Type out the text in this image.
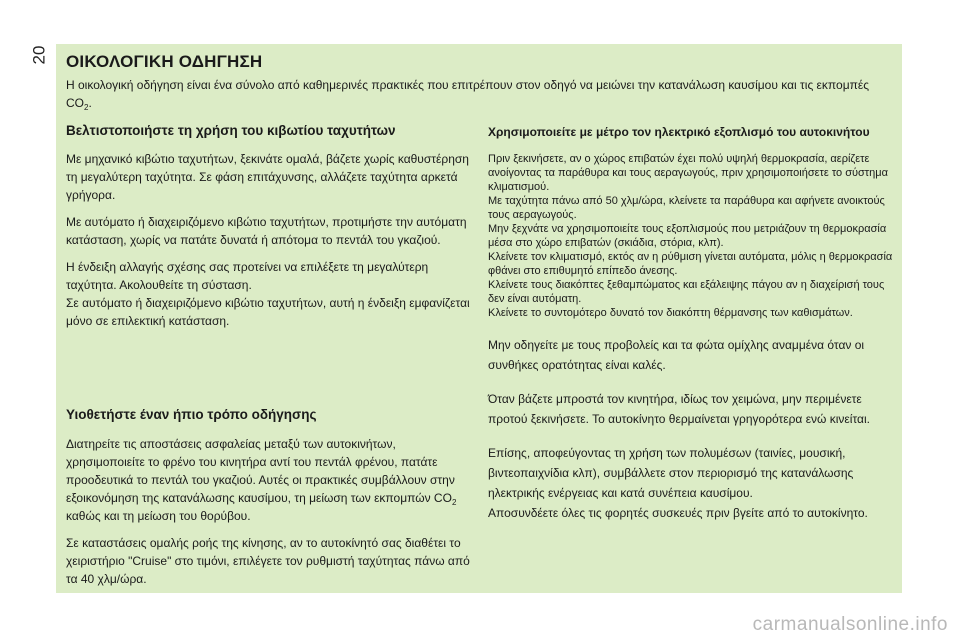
20 ΟΙΚΟΛΟΓΙΚΗ ΟΔΗΓΗΣΗ
Η οικολογική οδήγηση είναι ένα σύνολο από καθημερινές πρακτικές που επιτρέπουν στον οδηγό να μειώνει την κατανάλωση καυσίμου και τις εκπομπές $CO_2$.
Βελτιστοποιήστε τη χρήση του κιβωτίου ταχυτήτων

Με μηχανικό κιβώτιο ταχυτήτων, ξεκινάτε ομαλά, βάζετε χωρίς καθυστέρηση τη μεγαλύτερη ταχύτητα. Σε φάση επιτάχυνσης, αλλάζετε ταχύτητα αρκετά γρήγορα.

Με αυτόματο ή διαχειριζόμενο κιβώτιο ταχυτήτων, προτιμήστε την αυτόματη κατάσταση, χωρίς να πατάτε δυνατά ή απότομα το πεντάλ του γκαζιού.

Η ένδειξη αλλαγής σχέσης σας προτείνει να επιλέξετε τη μεγαλύτερη ταχύτητα. Ακολουθείτε τη σύσταση.
Σε αυτόματο ή διαχειριζόμενο κιβώτιο ταχυτήτων, αυτή η ένδειξη εμφανίζεται μόνο σε επιλεκτική κατάσταση.
Υιοθετήστε έναν ήπιο τρόπο οδήγησης

Διατηρείτε τις αποστάσεις ασφαλείας μεταξύ των αυτοκινήτων, χρησιμοποιείτε το φρένο του κινητήρα αντί του πεντάλ φρένου, πατάτε προοδευτικά το πεντάλ του γκαζιού. Αυτές οι πρακτικές συμβάλλουν στην εξοικονόμηση της κατανάλωσης καυσίμου, τη μείωση των εκπομπών $CO_2$ καθώς και τη μείωση του θορύβου.

Σε καταστάσεις ομαλής ροής της κίνησης, αν το αυτοκίνητό σας διαθέτει το χειριστήριο "Cruise" στο τιμόνι, επιλέγετε τον ρυθμιστή ταχύτητας πάνω από τα 40 χλμ/ώρα.

Χρησιμοποιείτε με μέτρο τον ηλεκτρικό εξοπλισμό του αυτοκινήτου
Πριν ξεκινήσετε, αν ο χώρος επιβατών έχει πολύ υψηλή θερμοκρασία, αερίζετε ανοίγοντας τα παράθυρα και τους αεραγωγούς, πριν χρησιμοποιήσετε το σύστημα κλιματισμού.
Με ταχύτητα πάνω από 50 χλμ/ώρα, κλείνετε τα παράθυρα και αφήνετε ανοικτούς τους αεραγωγούς.
Μην ξεχνάτε να χρησιμοποιείτε τους εξοπλισμούς που μετριάζουν τη θερμοκρασία μέσα στο χώρο επιβατών (σκιάδια, στόρια, κλπ).
Κλείνετε τον κλιματισμό, εκτός αν η ρύθμιση γίνεται αυτόματα, μόλις η θερμοκρασία φθάνει στο επιθυμητό επίπεδο άνεσης.
Κλείνετε τους διακόπτες ξεθαμπώματος και εξάλειψης πάγου αν η διαχείρισή τους δεν είναι αυτόματη.
Κλείνετε το συντομότερο δυνατό τον διακόπτη θέρμανσης των καθισμάτων.

Μην οδηγείτε με τους προβολείς και τα φώτα ομίχλης αναμμένα όταν οι συνθήκες ορατότητας είναι καλές.

Όταν βάζετε μπροστά τον κινητήρα, ιδίως τον χειμώνα, μην περιμένετε προτού ξεκινήσετε. Το αυτοκίνητο θερμαίνεται γρηγορότερα ενώ κινείται.

Επίσης, αποφεύγοντας τη χρήση των πολυμέσων (ταινίες, μουσική, βιντεοπαιχνίδια κλπ), συμβάλλετε στον περιορισμό της κατανάλωσης ηλεκτρικής ενέργειας και κατά συνέπεια καυσίμου.
Αποσυνδέετε όλες τις φορητές συσκευές πριν βγείτε από το αυτοκίνητο.
carmanualsonline.info
